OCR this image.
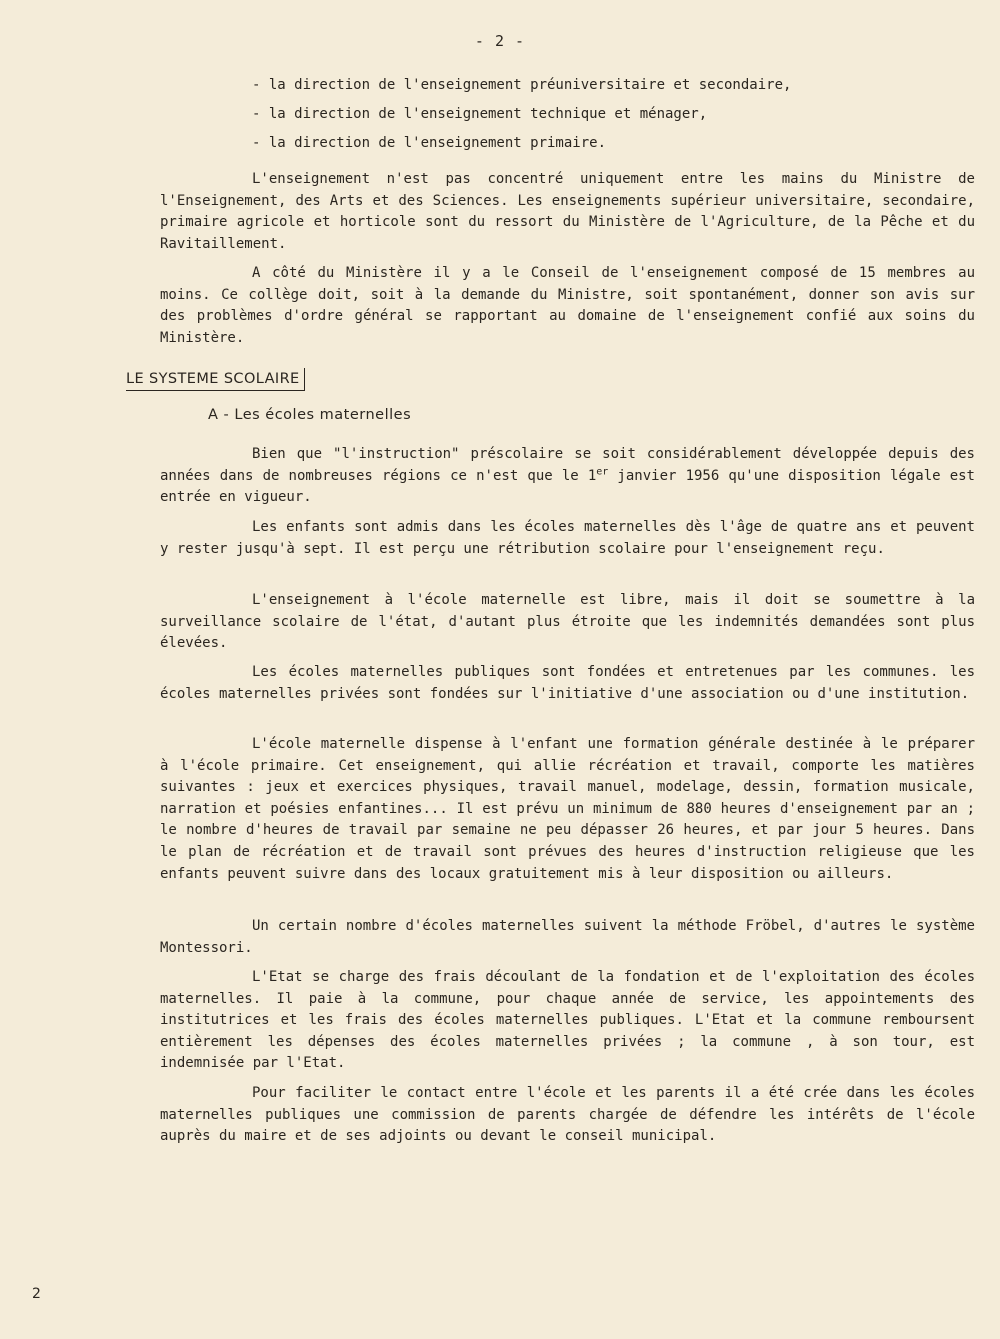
- 2 -
- la direction de l'enseignement préuniversitaire et secondaire,
- la direction de l'enseignement technique et ménager,
- la direction de l'enseignement primaire.

L'enseignement n'est pas concentré uniquement entre les mains du Ministre de l'Enseignement, des Arts et des Sciences. Les enseignements supérieur universitaire, secondaire, primaire agricole et horticole sont du ressort du Ministère de l'Agriculture, de la Pêche et du Ravitaillement.

A côté du Ministère il y a le Conseil de l'enseignement composé de 15 membres au moins. Ce collège doit, soit à la demande du Ministre, soit spontanément, donner son avis sur des problèmes d'ordre général se rapportant au domaine de l'enseignement confié aux soins du Ministère.

LE SYSTEME SCOLAIRE
A - Les écoles maternelles

Bien que "l'instruction" préscolaire se soit considérablement développée depuis des années dans de nombreuses régions ce n'est que le 1er janvier 1956 qu'une disposition légale est entrée en vigueur.

Les enfants sont admis dans les écoles maternelles dès l'âge de quatre ans et peuvent y rester jusqu'à sept. Il est perçu une rétribution scolaire pour l'enseignement reçu.

L'enseignement à l'école maternelle est libre, mais il doit se soumettre à la surveillance scolaire de l'état, d'autant plus étroite que les indemnités demandées sont plus élevées.

Les écoles maternelles publiques sont fondées et entretenues par les communes. les écoles maternelles privées sont fondées sur l'initiative d'une association ou d'une institution.

L'école maternelle dispense à l'enfant une formation générale destinée à le préparer à l'école primaire. Cet enseignement, qui allie récréation et travail, comporte les matières suivantes : jeux et exercices physiques, travail manuel, modelage, dessin, formation musicale, narration et poésies enfantines... Il est prévu un minimum de 880 heures d'enseignement par an ; le nombre d'heures de travail par semaine ne peu dépasser 26 heures, et par jour 5 heures. Dans le plan de récréation et de travail sont prévues des heures d'instruction religieuse que les enfants peuvent suivre dans des locaux gratuitement mis à leur disposition ou ailleurs.

Un certain nombre d'écoles maternelles suivent la méthode Fröbel, d'autres le système Montessori.

L'Etat se charge des frais découlant de la fondation et de l'exploitation des écoles maternelles. Il paie à la commune, pour chaque année de service, les appointements des institutrices et les frais des écoles maternelles publiques. L'Etat et la commune remboursent entièrement les dépenses des écoles maternelles privées ; la commune , à son tour, est indemnisée par l'Etat.

Pour faciliter le contact entre l'école et les parents il a été crée dans les écoles maternelles publiques une commission de parents chargée de défendre les intérêts de l'école auprès du maire et de ses adjoints ou devant le conseil municipal.

2
